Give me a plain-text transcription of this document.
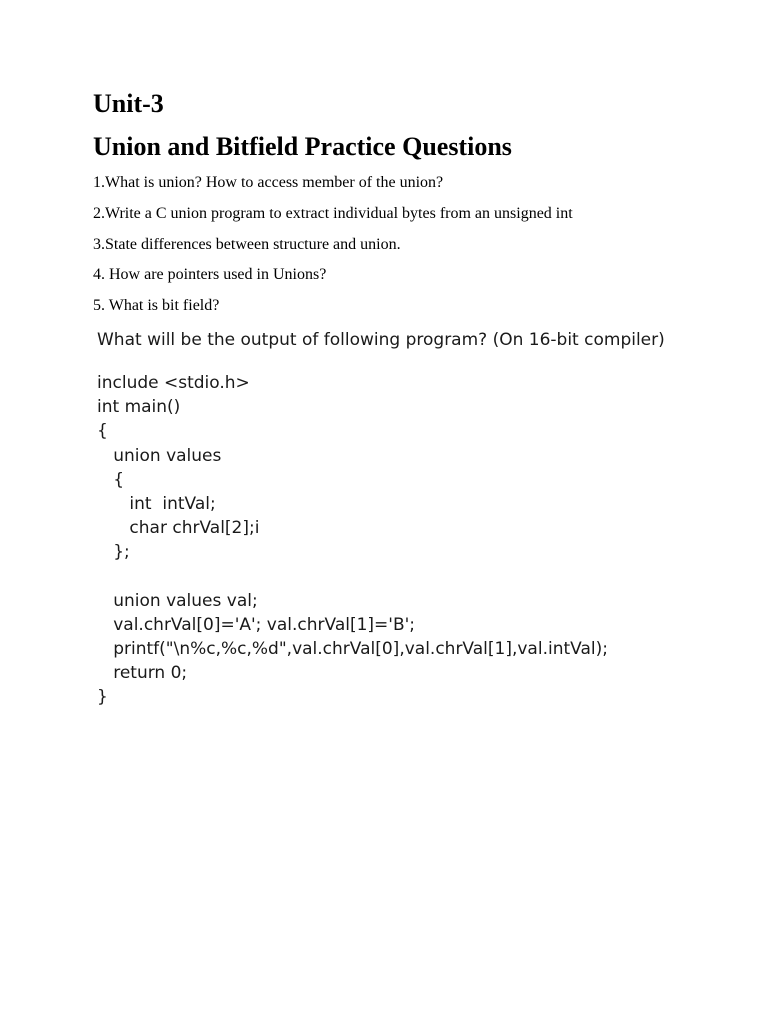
Unit-3
Union and Bitfield Practice Questions
1.What is union? How to access member of the union?
2.Write a C union program to extract individual bytes from an unsigned int
3.State differences between structure and union.
4. How are pointers used in Unions?
5. What is bit field?

What will be the output of following program? (On 16-bit compiler)

include <stdio.h>
int main()
{
union values
{
int  intVal;
char chrVal[2];i
};
union values val;
val.chrVal[0]='A'; val.chrVal[1]='B';
printf("\n%c,%c,%d",val.chrVal[0],val.chrVal[1],val.intVal);
return 0;
}
